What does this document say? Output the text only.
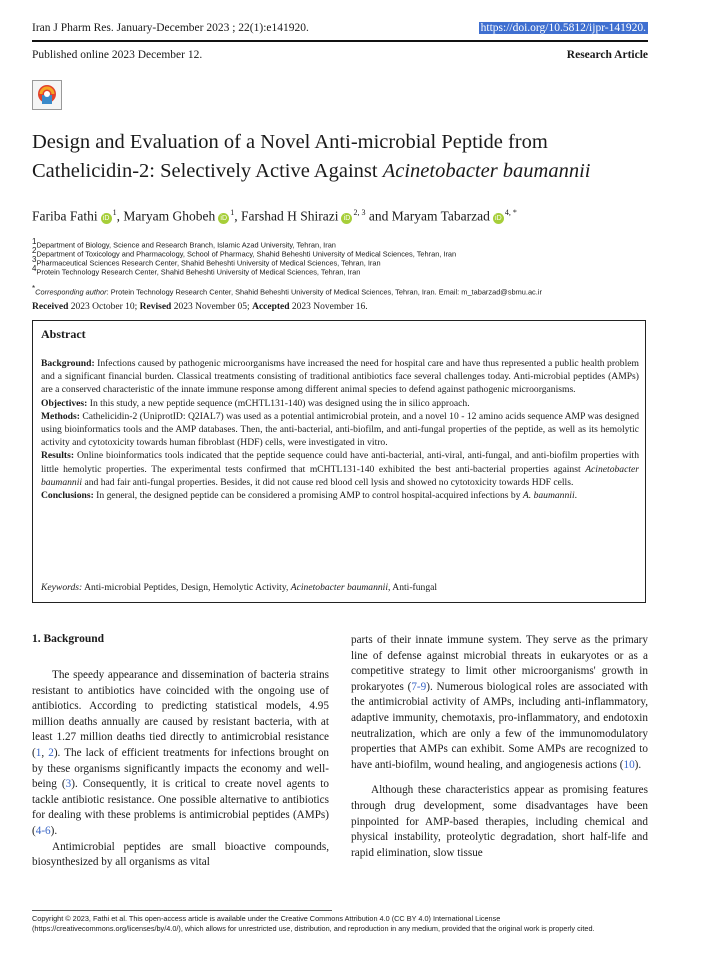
Iran J Pharm Res. January-December 2023 ; 22(1):e141920.	https://doi.org/10.5812/ijpr-141920.
Published online 2023 December 12.	Research Article
Design and Evaluation of a Novel Anti-microbial Peptide from Cathelicidin-2: Selectively Active Against Acinetobacter baumannii
Fariba Fathi $iD^1$, Maryam Ghobeh $iD^1$, Farshad H Shirazi iD$^{2, 3}$ and Maryam Tabarzad $iD^{4, *}$
$^1$Department of Biology, Science and Research Branch, Islamic Azad University, Tehran, Iran
$^2$Department of Toxicology and Pharmacology, School of Pharmacy, Shahid Beheshti University of Medical Sciences, Tehran, Iran
$^3$Pharmaceutical Sciences Research Center, Shahid Beheshti University of Medical Sciences, Tehran, Iran
$^4$Protein Technology Research Center, Shahid Beheshti University of Medical Sciences, Tehran, Iran
*Corresponding author: Protein Technology Research Center, Shahid Beheshti University of Medical Sciences, Tehran, Iran. Email: m_tabarzad@sbmu.ac.ir
Received 2023 October 10; Revised 2023 November 05; Accepted 2023 November 16.
Abstract

Background: Infections caused by pathogenic microorganisms have increased the need for hospital care and have thus represented a public health problem and a significant financial burden. Classical treatments consisting of traditional antibiotics face several challenges today. Anti-microbial peptides (AMPs) are a conserved characteristic of the innate immune response among different animal species to defend against pathogenic microorganisms.

Objectives: In this study, a new peptide sequence (mCHTL131-140) was designed using the in silico approach.

Methods: Cathelicidin-2 (UniprotID: Q2IAL7) was used as a potential antimicrobial protein, and a novel 10 - 12 amino acids sequence AMP was designed using bioinformatics tools and the AMP databases. Then, the anti-bacterial, anti-biofilm, and anti-fungal properties of the peptide, as well as its hemolytic activity and cytotoxicity towards human fibroblast (HDF) cells, were investigated in vitro.

Results: Online bioinformatics tools indicated that the peptide sequence could have anti-bacterial, anti-viral, anti-fungal, and anti-biofilm properties with little hemolytic properties. The experimental tests confirmed that mCHTL131-140 exhibited the best anti-bacterial properties against Acinetobacter baumannii and had fair anti-fungal properties. Besides, it did not cause red blood cell lysis and showed no cytotoxicity towards HDF cells.

Conclusions: In general, the designed peptide can be considered a promising AMP to control hospital-acquired infections by A. baumannii.

Keywords: Anti-microbial Peptides, Design, Hemolytic Activity, Acinetobacter baumannii, Anti-fungal
1. Background

The speedy appearance and dissemination of bacteria strains resistant to antibiotics have coincided with the ongoing use of antibiotics. According to predicting statistical models, 4.95 million deaths annually are caused by resistant bacteria, with at least 1.27 million deaths tied directly to antimicrobial resistance (1, 2). The lack of efficient treatments for infections brought on by these organisms significantly impacts the economy and well-being (3). Consequently, it is critical to create novel agents to tackle antibiotic resistance. One possible alternative to antibiotics for dealing with these problems is antimicrobial peptides (AMPs) (4-6).

Antimicrobial peptides are small bioactive compounds, biosynthesized by all organisms as vital

parts of their innate immune system. They serve as the primary line of defense against microbial threats in eukaryotes or as a competitive strategy to limit other microorganisms' growth in prokaryotes (7-9). Numerous biological roles are associated with the antimicrobial activity of AMPs, including anti-inflammatory, adaptive immunity, chemotaxis, pro-inflammatory, and endotoxin neutralization, which are only a few of the immunomodulatory properties that AMPs can exhibit. Some AMPs are recognized to have anti-biofilm, wound healing, and angiogenesis actions (10).

Although these characteristics appear as promising features through drug development, some disadvantages have been pinpointed for AMP-based therapies, including chemical and physical instability, proteolytic degradation, short half-life and rapid elimination, slow tissue

Copyright © 2023, Fathi et al. This open-access article is available under the Creative Commons Attribution 4.0 (CC BY 4.0) International License (https://creativecommons.org/licenses/by/4.0/), which allows for unrestricted use, distribution, and reproduction in any medium, provided that the original work is properly cited.
